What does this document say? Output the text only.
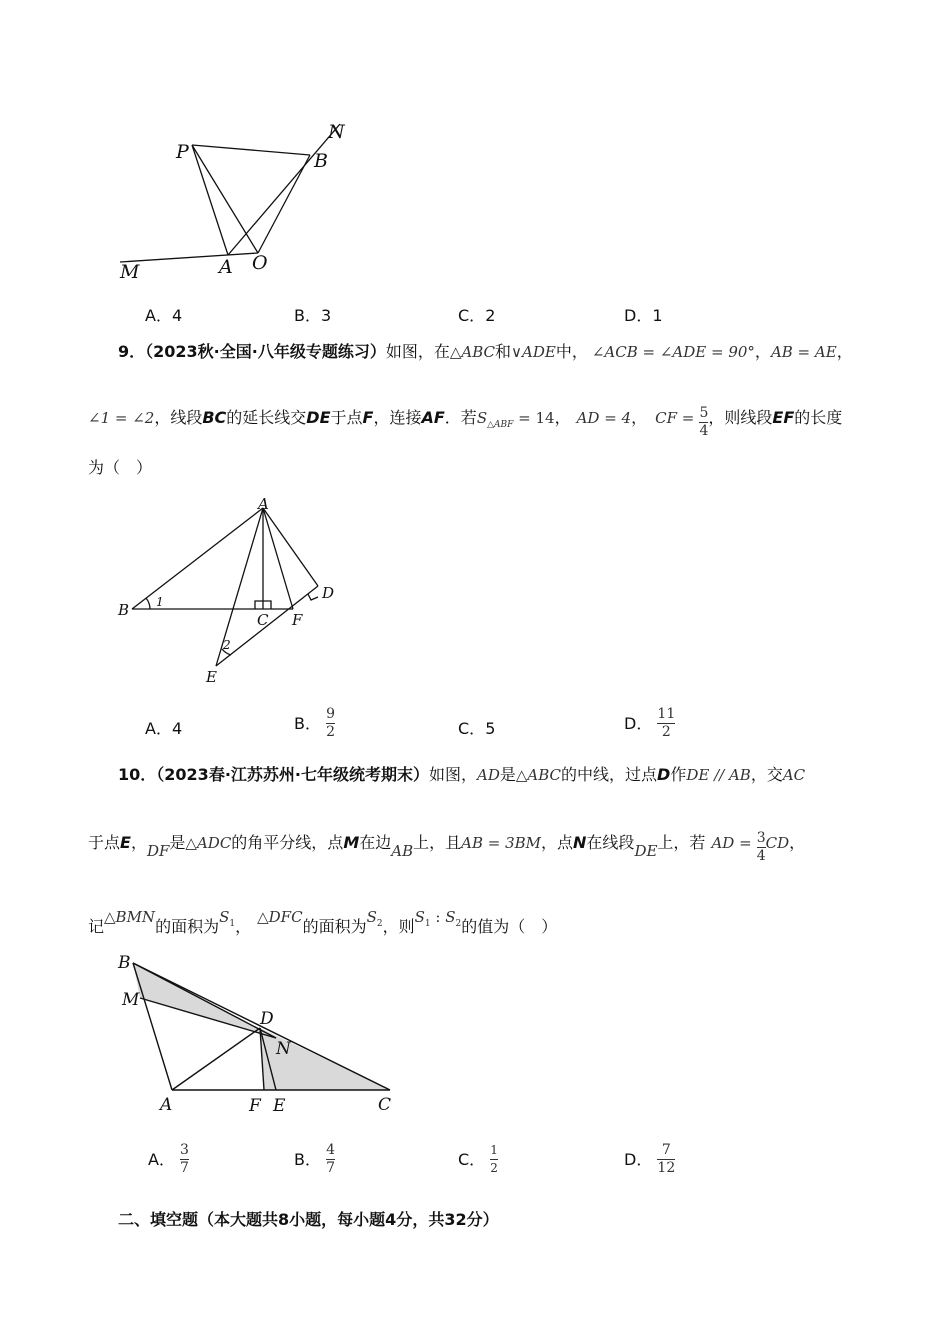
P
N
B
M	A O
A．4	B．3	C．2	D．1
9．（2023秋·全国·八年级专题练习）如图，在△ABC和∨ADE中， ∠ACB = ∠ADE = 90°，AB = AE，
∠1 = ∠2，线段BC的延长线交DE于点F，连接AF．若$S_{\triangle ABF} = 14$， AD = 4， CF = $\frac{5}{4}$ ，则线段EF的长度
为（　）
A
B
C
D
E
F
1
2
A．4	B． $\frac{9}{2}$	C．5	D． $\frac{11}{2}$
10．（2023春·江苏苏州·七年级统考期末）如图，AD是△ABC的中线，过点D作DE // AB，交AC
于点E，DF是△ADC的角平分线，点M在边AB上，且AB = 3BM，点N在线段DE上，若 AD = $\frac{3}{4}$ CD，
记△BMN的面积为$S^1$， △DFC的面积为$S^2$，则$S^1$ : $S^2$的值为（　）
B
M
D
N
A	F E	C
A． $\frac{3}{7}$	B． $\frac{4}{7}$	C． $\frac{1}{2}$	D． $\frac{7}{12}$
二、填空题（本大题共8小题，每小题4分，共32分）
